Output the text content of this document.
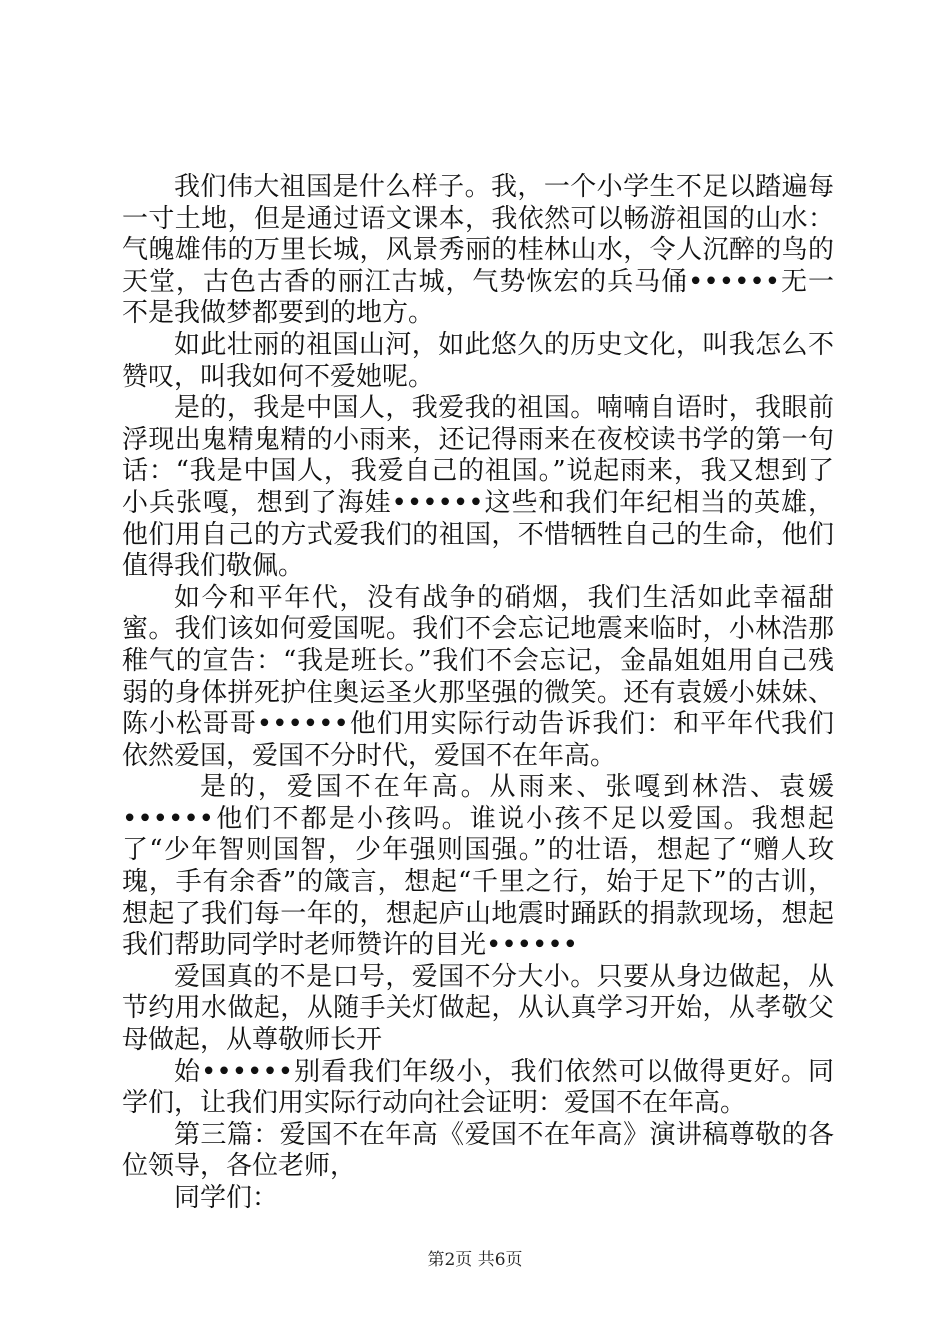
我们伟大祖国是什么样子。我，一个小学生不足以踏遍每一寸土地，但是通过语文课本，我依然可以畅游祖国的山水：气魄雄伟的万里长城，风景秀丽的桂林山水，令人沉醉的鸟的天堂，古色古香的丽江古城，气势恢宏的兵马俑••••••无一不是我做梦都要到的地方。

如此壮丽的祖国山河，如此悠久的历史文化，叫我怎么不赞叹，叫我如何不爱她呢。

是的，我是中国人，我爱我的祖国。喃喃自语时，我眼前浮现出鬼精鬼精的小雨来，还记得雨来在夜校读书学的第一句话：“我是中国人，我爱自己的祖国。”说起雨来，我又想到了小兵张嘎，想到了海娃••••••这些和我们年纪相当的英雄，他们用自己的方式爱我们的祖国，不惜牺牲自己的生命，他们值得我们敬佩。

如今和平年代，没有战争的硝烟，我们生活如此幸福甜蜜。我们该如何爱国呢。我们不会忘记地震来临时，小林浩那稚气的宣告：“我是班长。”我们不会忘记，金晶姐姐用自己残弱的身体拼死护住奥运圣火那坚强的微笑。还有袁媛小妹妹、陈小松哥哥••••••他们用实际行动告诉我们：和平年代我们依然爱国，爱国不分时代，爱国不在年高。

是的，爱国不在年高。从雨来、张嘎到林浩、袁媛••••••他们不都是小孩吗。谁说小孩不足以爱国。我想起了“少年智则国智，少年强则国强。”的壮语，想起了“赠人玫瑰，手有余香”的箴言，想起“千里之行，始于足下”的古训，想起了我们每一年的，想起庐山地震时踊跃的捐款现场，想起我们帮助同学时老师赞许的目光••••••

爱国真的不是口号，爱国不分大小。只要从身边做起，从节约用水做起，从随手关灯做起，从认真学习开始，从孝敬父母做起，从尊敬师长开

始••••••别看我们年级小，我们依然可以做得更好。同学们，让我们用实际行动向社会证明：爱国不在年高。

第三篇：爱国不在年高《爱国不在年高》演讲稿尊敬的各位领导，各位老师，

同学们：

第2页 共6页
